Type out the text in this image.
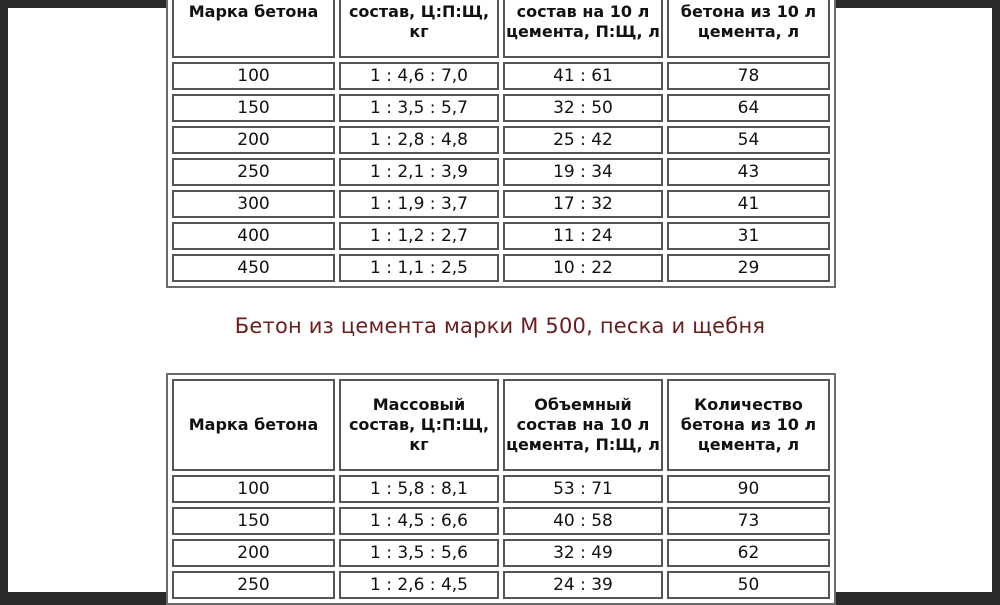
Марка бетона	состав, Ц:П:Щ, кг	состав на 10 л цемента, П:Щ, л	бетона из 10 л цемента, л
100	1 : 4,6 : 7,0	41 : 61	78
150	1 : 3,5 : 5,7	32 : 50	64
200	1 : 2,8 : 4,8	25 : 42	54
250	1 : 2,1 : 3,9	19 : 34	43
300	1 : 1,9 : 3,7	17 : 32	41
400	1 : 1,2 : 2,7	11 : 24	31
450	1 : 1,1 : 2,5	10 : 22	29
Бетон из цемента марки М 500, песка и щебня
Марка бетона	Массовый состав, Ц:П:Щ, кг	Объемный состав на 10 л цемента, П:Щ, л	Количество бетона из 10 л цемента, л
100	1 : 5,8 : 8,1	53 : 71	90
150	1 : 4,5 : 6,6	40 : 58	73
200	1 : 3,5 : 5,6	32 : 49	62
250	1 : 2,6 : 4,5	24 : 39	50
